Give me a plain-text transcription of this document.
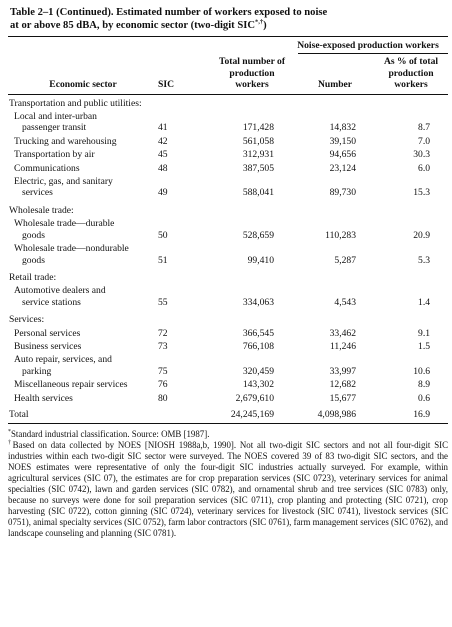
Table 2–1 (Continued). Estimated number of workers exposed to noise
at or above 85 dBA, by economic sector (two-digit SIC*,†)
			Noise-exposed production workers	

Economic sector	SIC	Total number of production workers	Number	As % of total production workers

Transportation and public utilities:				
Local and inter-urban				
passenger transit	41	171,428	14,832	8.7
Trucking and warehousing	42	561,058	39,150	7.0
Transportation by air	45	312,931	94,656	30.3
Communications	48	387,505	23,124	6.0
Electric, gas, and sanitary				
services	49	588,041	89,730	15.3

Wholesale trade:				
Wholesale trade—durable				
goods	50	528,659	110,283	20.9
Wholesale trade—nondurable				
goods	51	99,410	5,287	5.3

Retail trade:				
Automotive dealers and				
service stations	55	334,063	4,543	1.4

Services:				
Personal services	72	366,545	33,462	9.1
Business services	73	766,108	11,246	1.5
Auto repair, services, and				
parking	75	320,459	33,997	10.6
Miscellaneous repair services	76	143,302	12,682	8.9
Health services	80	2,679,610	15,677	0.6

Total		24,245,169	4,098,986	16.9

*Standard industrial classification. Source: OMB [1987].

†Based on data collected by NOES [NIOSH 1988a,b, 1990]. Not all two-digit SIC sectors and not all four-digit SIC industries within each two-digit SIC sector were surveyed. The NOES covered 39 of 83 two-digit SIC sectors, and the NOES estimates were representative of only the four-digit SIC industries actually surveyed. For example, within agricultural services (SIC 07), the estimates are for crop preparation services (SIC 0723), veterinary services for animal specialties (SIC 0742), lawn and garden services (SIC 0782), and ornamental shrub and tree services (SIC 0783) only, because no surveys were done for soil preparation services (SIC 0711), crop planting and protecting (SIC 0721), crop harvesting (SIC 0722), cotton ginning (SIC 0724), veterinary services for livestock (SIC 0741), livestock services (SIC 0751), animal specialty services (SIC 0752), farm labor contractors (SIC 0761), farm management services (SIC 0762), and landscape counseling and planning (SIC 0781).
